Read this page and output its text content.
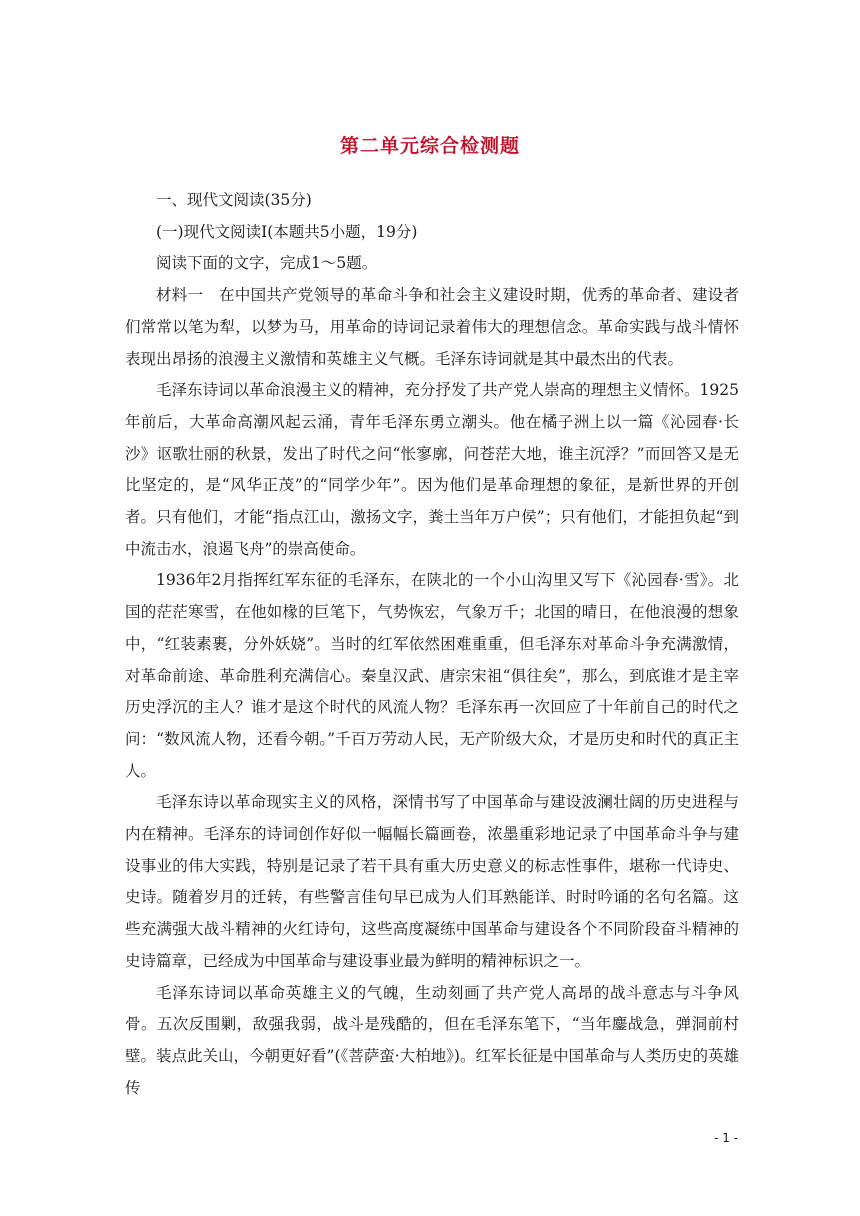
第二单元综合检测题

一、现代文阅读(35分)

(一)现代文阅读Ⅰ(本题共5小题，19分)

阅读下面的文字，完成1～5题。

材料一　在中国共产党领导的革命斗争和社会主义建设时期，优秀的革命者、建设者们常常以笔为犁，以梦为马，用革命的诗词记录着伟大的理想信念。革命实践与战斗情怀表现出昂扬的浪漫主义激情和英雄主义气概。毛泽东诗词就是其中最杰出的代表。

毛泽东诗词以革命浪漫主义的精神，充分抒发了共产党人崇高的理想主义情怀。1925年前后，大革命高潮风起云涌，青年毛泽东勇立潮头。他在橘子洲上以一篇《沁园春·长沙》讴歌壮丽的秋景，发出了时代之问“怅寥廓，问苍茫大地，谁主沉浮？”而回答又是无比坚定的，是“风华正茂”的“同学少年”。因为他们是革命理想的象征，是新世界的开创者。只有他们，才能“指点江山，激扬文字，粪土当年万户侯”；只有他们，才能担负起“到中流击水，浪遏飞舟”的崇高使命。

1936年2月指挥红军东征的毛泽东，在陕北的一个小山沟里又写下《沁园春·雪》。北国的茫茫寒雪，在他如椽的巨笔下，气势恢宏，气象万千；北国的晴日，在他浪漫的想象中，“红装素裹，分外妖娆”。当时的红军依然困难重重，但毛泽东对革命斗争充满激情，对革命前途、革命胜利充满信心。秦皇汉武、唐宗宋祖“俱往矣”，那么，到底谁才是主宰历史浮沉的主人？谁才是这个时代的风流人物？毛泽东再一次回应了十年前自己的时代之问：“数风流人物，还看今朝。”千百万劳动人民，无产阶级大众，才是历史和时代的真正主人。

毛泽东诗以革命现实主义的风格，深情书写了中国革命与建设波澜壮阔的历史进程与内在精神。毛泽东的诗词创作好似一幅幅长篇画卷，浓墨重彩地记录了中国革命斗争与建设事业的伟大实践，特别是记录了若干具有重大历史意义的标志性事件，堪称一代诗史、史诗。随着岁月的迁转，有些警言佳句早已成为人们耳熟能详、时时吟诵的名句名篇。这些充满强大战斗精神的火红诗句，这些高度凝练中国革命与建设各个不同阶段奋斗精神的史诗篇章，已经成为中国革命与建设事业最为鲜明的精神标识之一。

毛泽东诗词以革命英雄主义的气魄，生动刻画了共产党人高昂的战斗意志与斗争风骨。五次反围剿，敌强我弱，战斗是残酷的，但在毛泽东笔下，“当年鏖战急，弹洞前村壁。装点此关山，今朝更好看”(《菩萨蛮·大柏地》)。红军长征是中国革命与人类历史的英雄传

- 1 -
